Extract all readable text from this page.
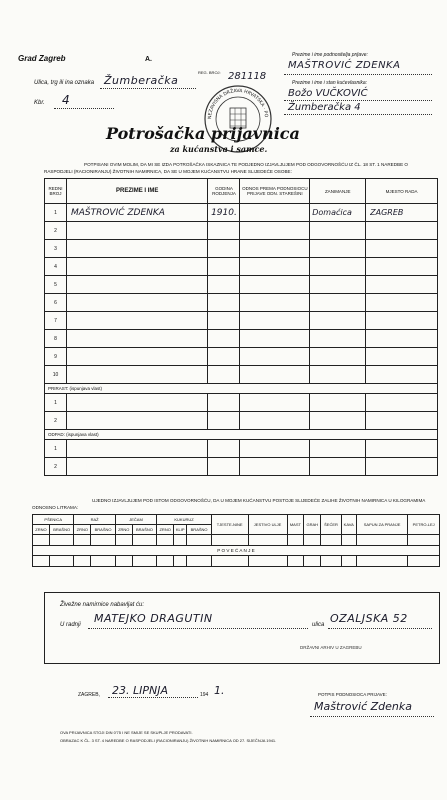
Grad Zagreb	A.
Prezime i ime podnositelja prijave:
REG. BROJ: 281118
MAŠTROVIĆ ZDENKA
Ulica, trg ili ina oznaka Žumberačka	Prezime i ime i stan kućevlasnika:
Božo VUČKOVIĆ
Žumberačka 4
Kbr. 4
NEZAVISNA DRŽAVA HRVATSKA · PO
Potrošačka prijavnica
za kućanstva i samce.
POTPISANI OVIM MOLIM, DA MI SE IZDA POTROŠAČKA ISKAZNICA TE PODJEDNO IZJAVLJUJEM POD ODGOVORNOŠĆU IZ ČL. 18 ST. 1 NAREDBE O RASPODJELI (RACIONIRANJU) ŽIVOTNIH NAMIRNICA, DA SE U MOJEM KUĆANSTVU HRANE SLIJEDEĆE OSOBE:
REDNI BROJ	PREZIME I IME	GODINA RODJENJA	ODNOS PREMA PODNOSIOCU PRIJAVE ODN. STAREŠINI	ZANIMANJE	MJESTO RADA
1	MAŠTROVIĆ ZDENKA	1910.		Domaćica	ZAGREB
2					
3					
4					
5					
6					
7					
8					
9					
10					
PRIRAST: (ispunjava vlast)					
1					
2					
ODPAD: (ispunjava vlast)					
1					
2					
UJEDNO IZJAVLJUJEM POD ISTOM ODGOVORNOŠĆU, DA U MOJEM KUĆANSTVU POSTOJE SLIJEDEĆE ZALIHE ŽIVOTNIH NAMIRNICA U KILOGRAMIMA ODNOSNO LITRAMA:
PŠENICA		RAŽ		JEČAM		KUKURUZ			TJESTE-NINE	JESTIVO ULJE	MAST	GRAH	ŠEĆER	KAVA	SAPUN ZA PRANJE	PETRO-LEJ
ZRNO	BRAŠNO	ZRNO	BRAŠNO	ZRNO	BRAŠNO	ZRNO	KLIP	BRAŠNO								

P O V E Ć A N J E																

Živežne namirnice nabavljat ću:
U radnji MATEJKO DRAGUTIN	ulica OZALJSKA 52
DRŽAVNI ARHIV U ZAGREBU
ZAGREB, 23. LIPNJA	194 1.	POTPIS PODNOSIOCA PRIJAVE:
Maštrović Zdenka
OVA PRIJAVNICA STOJI DIN 0'75 I NE SMIJE SE SKUPLJE PRODAVATI.
OBRAZAC K ČL. 3 ST. 4 NAREDBE O RASPODJELI (RACIONIRANJU) ŽIVOTNIH NAMIRNICA OD 27. SIJEČNJA 1941.
